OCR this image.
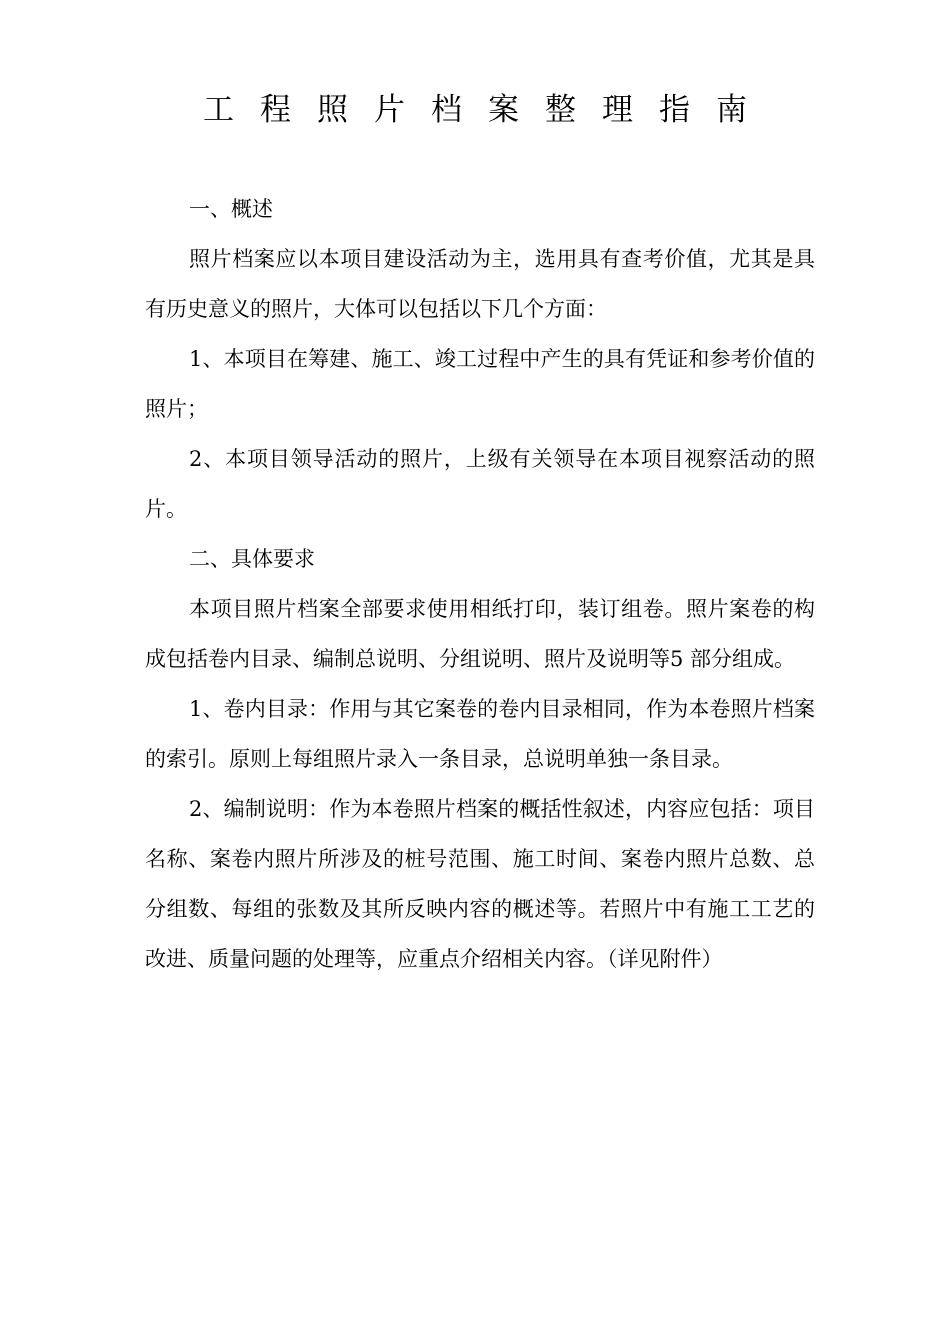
工程照片档案整理指南

一、概述

照片档案应以本项目建设活动为主，选用具有查考价值，尤其是具有历史意义的照片，大体可以包括以下几个方面：

1、本项目在筹建、施工、竣工过程中产生的具有凭证和参考价值的照片；

2、本项目领导活动的照片，上级有关领导在本项目视察活动的照片。

二、具体要求

本项目照片档案全部要求使用相纸打印，装订组卷。照片案卷的构成包括卷内目录、编制总说明、分组说明、照片及说明等5 部分组成。

1、卷内目录：作用与其它案卷的卷内目录相同，作为本卷照片档案的索引。原则上每组照片录入一条目录，总说明单独一条目录。

2、编制说明：作为本卷照片档案的概括性叙述，内容应包括：项目名称、案卷内照片所涉及的桩号范围、施工时间、案卷内照片总数、总分组数、每组的张数及其所反映内容的概述等。若照片中有施工工艺的改进、质量问题的处理等，应重点介绍相关内容。（详见附件）
